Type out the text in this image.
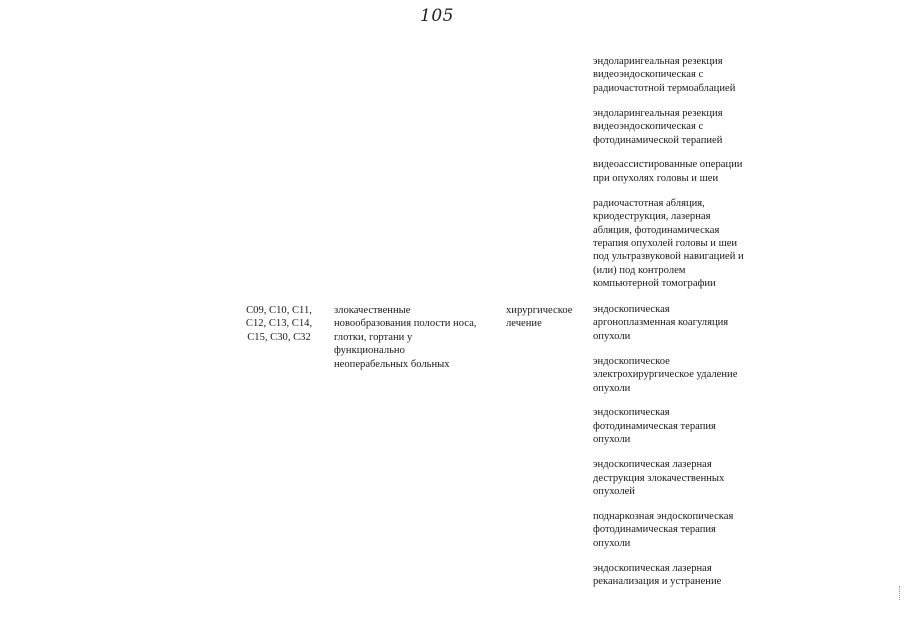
105
эндоларингеальная резекция
видеоэндоскопическая с
радиочастотной термоаблацией
эндоларингеальная резекция
видеоэндоскопическая с
фотодинамической терапией
видеоассистированные операции
при опухолях головы и шеи
радиочастотная абляция,
криодеструкция, лазерная
абляция, фотодинамическая
терапия опухолей головы и шеи
под ультразвуковой навигацией и
(или) под контролем
компьютерной томографии
C09, C10, C11,
C12, C13, C14,
C15, C30, C32
злокачественные
новообразования полости носа,
глотки, гортани у
функционально
неоперабельных больных
хирургическое
лечение
эндоскопическая
аргоноплазменная коагуляция
опухоли
эндоскопическое
электрохирургическое удаление
опухоли
эндоскопическая
фотодинамическая терапия
опухоли
эндоскопическая лазерная
деструкция злокачественных
опухолей
поднаркозная эндоскопическая
фотодинамическая терапия
опухоли
эндоскопическая лазерная
реканализация и устранение
